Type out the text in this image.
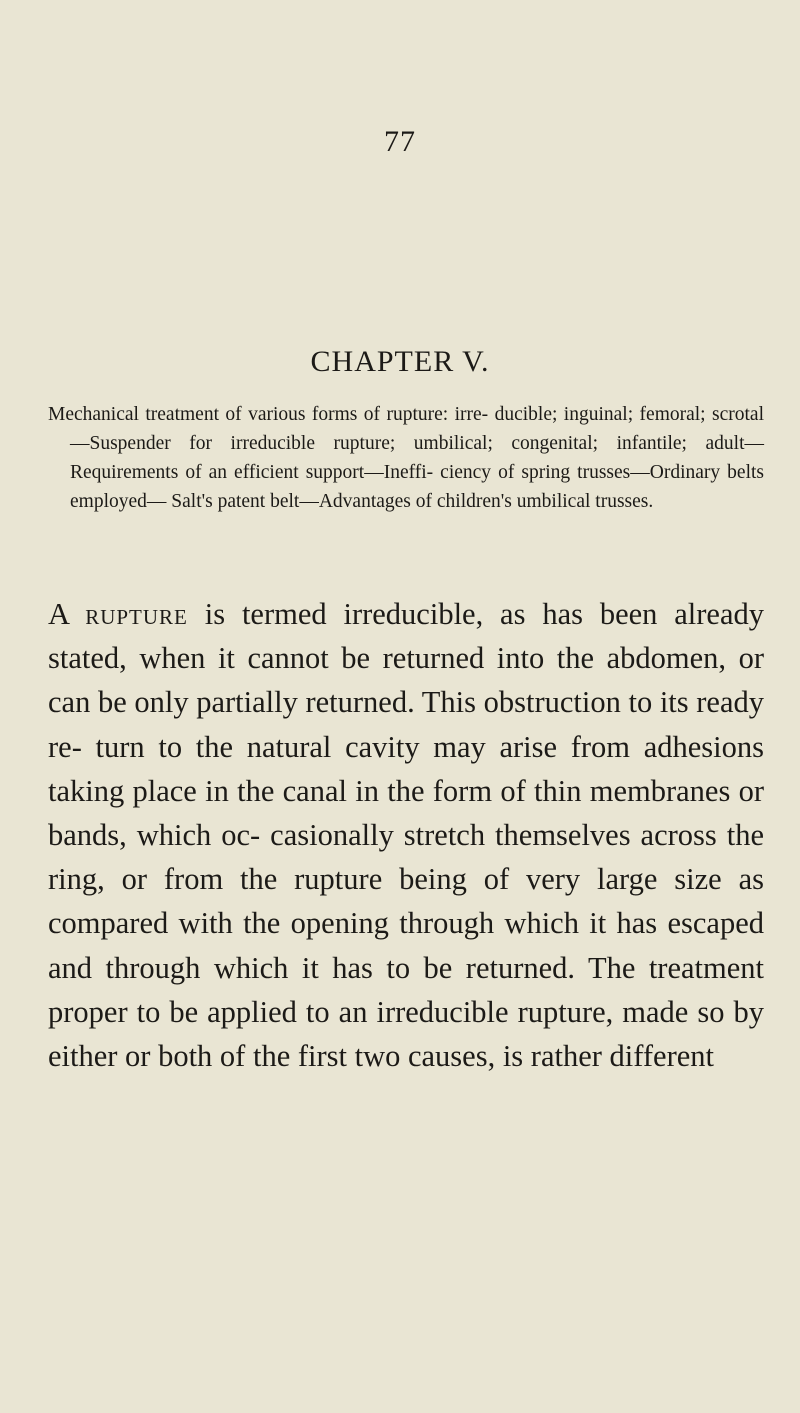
77
CHAPTER V.
Mechanical treatment of various forms of rupture: irre- ducible; inguinal; femoral; scrotal—Suspender for irreducible rupture; umbilical; congenital; infantile; adult—Requirements of an efficient support—Ineffi- ciency of spring trusses—Ordinary belts employed— Salt's patent belt—Advantages of children's umbilical trusses.
A rupture is termed irreducible, as has been already stated, when it cannot be returned into the abdomen, or can be only partially returned. This obstruction to its ready re- turn to the natural cavity may arise from adhesions taking place in the canal in the form of thin membranes or bands, which oc- casionally stretch themselves across the ring, or from the rupture being of very large size as compared with the opening through which it has escaped and through which it has to be returned. The treatment proper to be applied to an irreducible rupture, made so by either or both of the first two causes, is rather different
